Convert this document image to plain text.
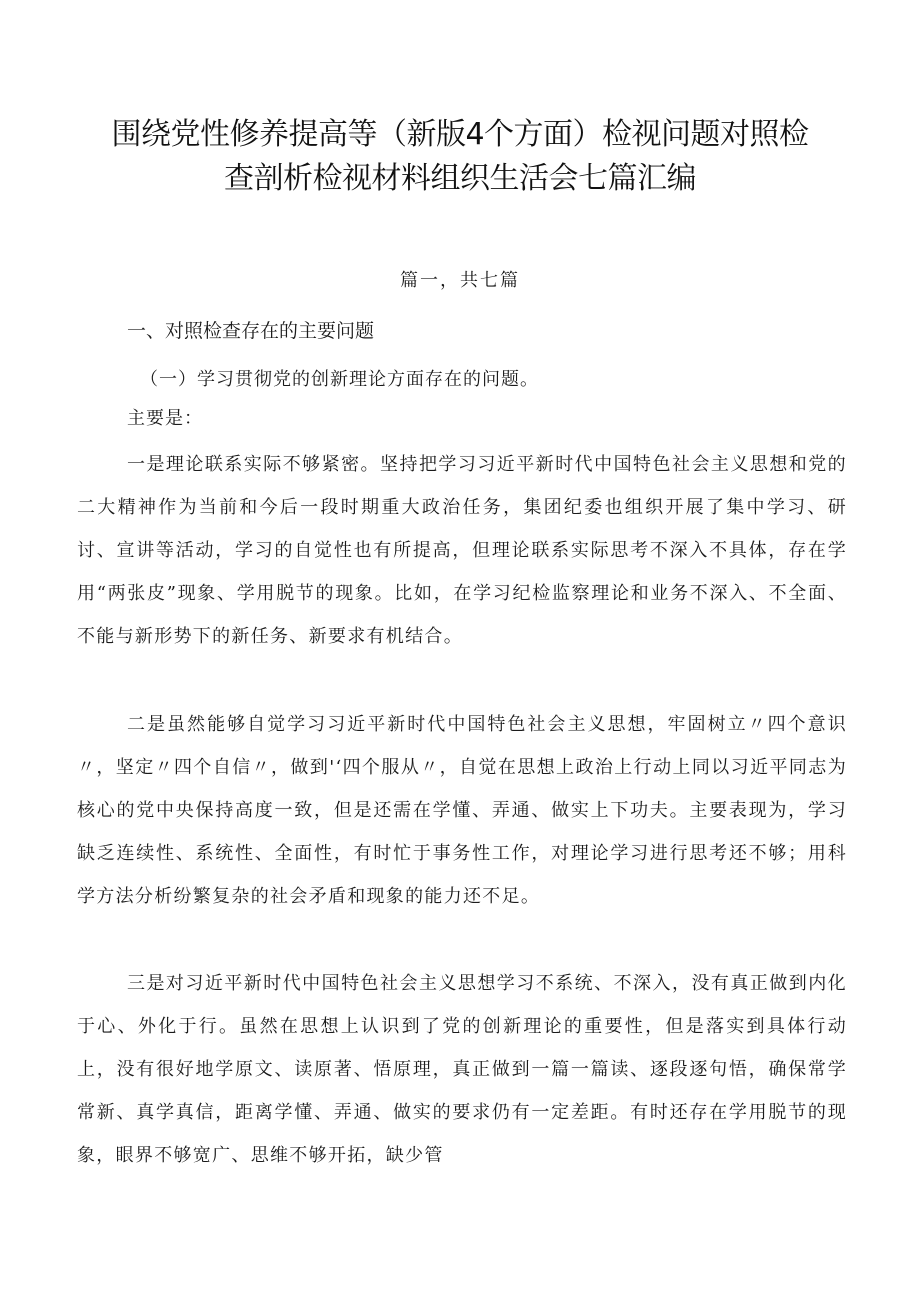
围绕党性修养提高等（新版4个方面）检视问题对照检
查剖析检视材料组织生活会七篇汇编
篇一，共七篇
一、对照检查存在的主要问题
（一）学习贯彻党的创新理论方面存在的问题。
主要是：

一是理论联系实际不够紧密。坚持把学习习近平新时代中国特色社会主义思想和党的二大精神作为当前和今后一段时期重大政治任务，集团纪委也组织开展了集中学习、研讨、宣讲等活动，学习的自觉性也有所提高，但理论联系实际思考不深入不具体，存在学用“两张皮”现象、学用脱节的现象。比如，在学习纪检监察理论和业务不深入、不全面、不能与新形势下的新任务、新要求有机结合。

二是虽然能够自觉学习习近平新时代中国特色社会主义思想，牢固树立〃四个意识〃，坚定〃四个自信〃，做到'‘四个服从〃，自觉在思想上政治上行动上同以习近平同志为核心的党中央保持高度一致，但是还需在学懂、弄通、做实上下功夫。主要表现为，学习缺乏连续性、系统性、全面性，有时忙于事务性工作，对理论学习进行思考还不够；用科学方法分析纷繁复杂的社会矛盾和现象的能力还不足。

三是对习近平新时代中国特色社会主义思想学习不系统、不深入，没有真正做到内化于心、外化于行。虽然在思想上认识到了党的创新理论的重要性，但是落实到具体行动上，没有很好地学原文、读原著、悟原理，真正做到一篇一篇读、逐段逐句悟，确保常学常新、真学真信，距离学懂、弄通、做实的要求仍有一定差距。有时还存在学用脱节的现象，眼界不够宽广、思维不够开拓，缺少管
